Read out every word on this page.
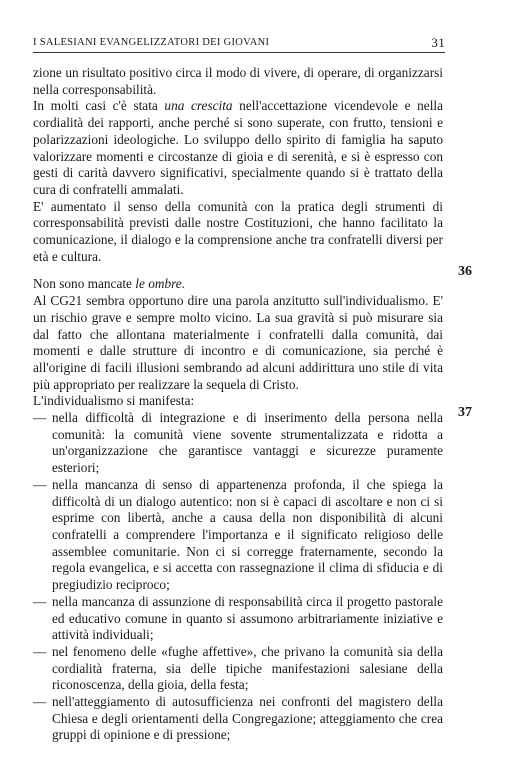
I SALESIANI EVANGELIZZATORI DEI GIOVANI	31
36
37

zione un risultato positivo circa il modo di vivere, di operare, di organizzarsi nella corresponsabilità.

In molti casi c'è stata una crescita nell'accettazione vicendevole e nella cordialità dei rapporti, anche perché si sono superate, con frutto, tensioni e polarizzazioni ideologiche. Lo sviluppo dello spirito di famiglia ha saputo valorizzare momenti e circostanze di gioia e di serenità, e si è espresso con gesti di carità davvero significativi, specialmente quando si è trattato della cura di confratelli ammalati.

E' aumentato il senso della comunità con la pratica degli strumenti di corresponsabilità previsti dalle nostre Costituzioni, che hanno facilitato la comunicazione, il dialogo e la comprensione anche tra confratelli diversi per età e cultura.

Non sono mancate le ombre.

Al CG21 sembra opportuno dire una parola anzitutto sull'individualismo. E' un rischio grave e sempre molto vicino. La sua gravità si può misurare sia dal fatto che allontana materialmente i confratelli dalla comunità, dai momenti e dalle strutture di incontro e di comunicazione, sia perché è all'origine di facili illusioni sembrando ad alcuni addirittura uno stile di vita più appropriato per realizzare la sequela di Cristo.

L'individualismo si manifesta:

— nella difficoltà di integrazione e di inserimento della persona nella comunità: la comunità viene sovente strumentalizzata e ridotta a un'organizzazione che garantisce vantaggi e sicurezze puramente esteriori;
— nella mancanza di senso di appartenenza profonda, il che spiega la difficoltà di un dialogo autentico: non si è capaci di ascoltare e non ci si esprime con libertà, anche a causa della non disponibilità di alcuni confratelli a comprendere l'importanza e il significato religioso delle assemblee comunitarie. Non ci si corregge fraternamente, secondo la regola evangelica, e si accetta con rassegnazione il clima di sfiducia e di pregiudizio reciproco;
— nella mancanza di assunzione di responsabilità circa il progetto pastorale ed educativo comune in quanto si assumono arbitrariamente iniziative e attività individuali;
— nel fenomeno delle «fughe affettive», che privano la comunità sia della cordialità fraterna, sia delle tipiche manifestazioni salesiane della riconoscenza, della gioia, della festa;
— nell'atteggiamento di autosufficienza nei confronti del magistero della Chiesa e degli orientamenti della Congregazione; atteggiamento che crea gruppi di opinione e di pressione;
